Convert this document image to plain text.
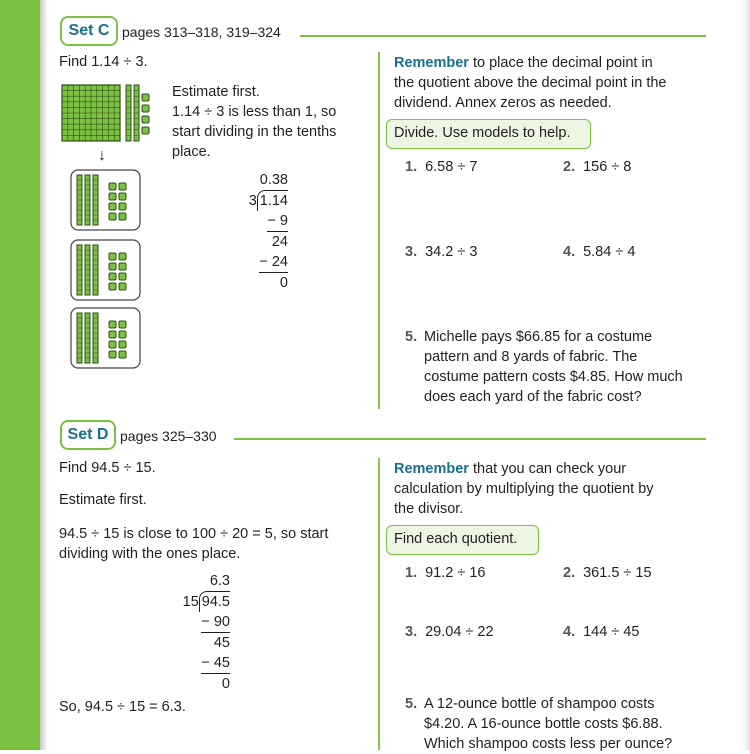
Set C pages 313–318, 319–324
Find 1.14 ÷ 3.
↓
Estimate first.
1.14 ÷ 3 is less than 1, so
start dividing in the tenths
place.
0.38
3 1.14
− 9
24
− 24
0
Remember to place the decimal point in
the quotient above the decimal point in the
dividend. Annex zeros as needed.
Divide. Use models to help.
1. 6.58 ÷ 7	2. 156 ÷ 8
3. 34.2 ÷ 3	4. 5.84 ÷ 4
5. Michelle pays $66.85 for a costume
pattern and 8 yards of fabric. The
costume pattern costs $4.85. How much
does each yard of the fabric cost?
Set D pages 325–330
Find 94.5 ÷ 15.
Estimate first.
94.5 ÷ 15 is close to 100 ÷ 20 = 5, so start
dividing with the ones place.
6.3
15 94.5
− 90
45
− 45
0
So, 94.5 ÷ 15 = 6.3.
Remember that you can check your
calculation by multiplying the quotient by
the divisor.
Find each quotient.
1. 91.2 ÷ 16	2. 361.5 ÷ 15
3. 29.04 ÷ 22	4. 144 ÷ 45
5. A 12-ounce bottle of shampoo costs
$4.20. A 16-ounce bottle costs $6.88.
Which shampoo costs less per ounce?
